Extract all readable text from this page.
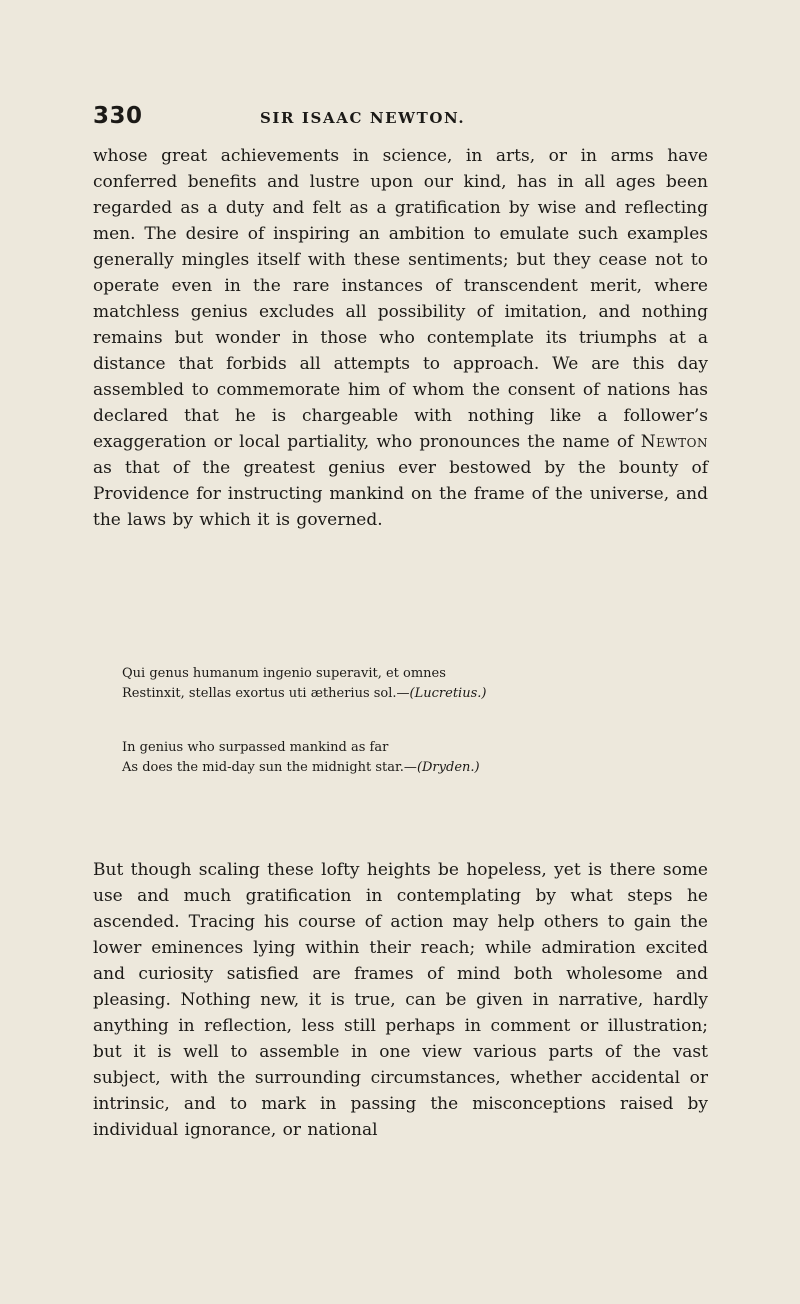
330	SIR ISAAC NEWTON.

whose great achievements in science, in arts, or in arms have conferred benefits and lustre upon our kind, has in all ages been regarded as a duty and felt as a gratification by wise and reflecting men. The desire of inspiring an ambition to emulate such examples generally mingles itself with these sentiments; but they cease not to operate even in the rare instances of transcendent merit, where matchless genius excludes all possibility of imitation, and nothing remains but wonder in those who contemplate its triumphs at a distance that forbids all attempts to approach. We are this day assembled to commemorate him of whom the consent of nations has declared that he is chargeable with nothing like a follower’s exaggeration or local partiality, who pronounces the name of Newton as that of the greatest genius ever bestowed by the bounty of Providence for instructing mankind on the frame of the universe, and the laws by which it is governed.

Qui genus humanum ingenio superavit, et omnes
Restinxit, stellas exortus uti ætherius sol.—(Lucretius.)
In genius who surpassed mankind as far
As does the mid-day sun the midnight star.—(Dryden.)

But though scaling these lofty heights be hopeless, yet is there some use and much gratification in contemplating by what steps he ascended. Tracing his course of action may help others to gain the lower eminences lying within their reach; while admiration excited and curiosity satisfied are frames of mind both wholesome and pleasing. Nothing new, it is true, can be given in narrative, hardly anything in reflection, less still perhaps in comment or illustration; but it is well to assemble in one view various parts of the vast subject, with the surrounding circumstances, whether accidental or intrinsic, and to mark in passing the misconceptions raised by individual ignorance, or national
